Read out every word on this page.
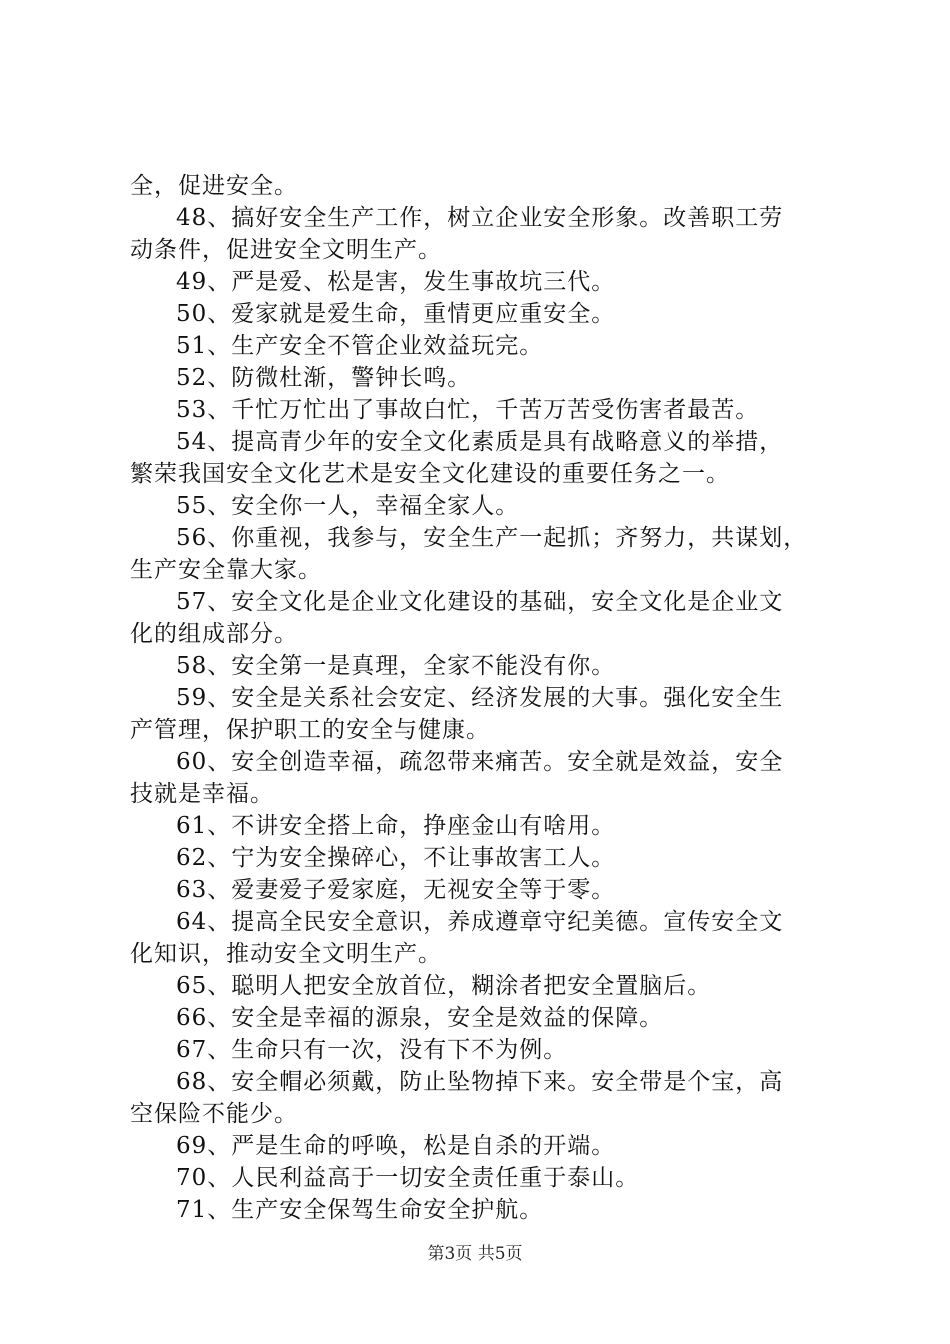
全，促进安全。
48、搞好安全生产工作，树立企业安全形象。改善职工劳
动条件，促进安全文明生产。
49、严是爱、松是害，发生事故坑三代。
50、爱家就是爱生命，重情更应重安全。
51、生产安全不管企业效益玩完。
52、防微杜渐，警钟长鸣。
53、千忙万忙出了事故白忙，千苦万苦受伤害者最苦。
54、提高青少年的安全文化素质是具有战略意义的举措，
繁荣我国安全文化艺术是安全文化建设的重要任务之一。
55、安全你一人，幸福全家人。
56、你重视，我参与，安全生产一起抓；齐努力，共谋划，
生产安全靠大家。
57、安全文化是企业文化建设的基础，安全文化是企业文
化的组成部分。
58、安全第一是真理，全家不能没有你。
59、安全是关系社会安定、经济发展的大事。强化安全生
产管理，保护职工的安全与健康。
60、安全创造幸福，疏忽带来痛苦。安全就是效益，安全
技就是幸福。
61、不讲安全搭上命，挣座金山有啥用。
62、宁为安全操碎心，不让事故害工人。
63、爱妻爱子爱家庭，无视安全等于零。
64、提高全民安全意识，养成遵章守纪美德。宣传安全文
化知识，推动安全文明生产。
65、聪明人把安全放首位，糊涂者把安全置脑后。
66、安全是幸福的源泉，安全是效益的保障。
67、生命只有一次，没有下不为例。
68、安全帽必须戴，防止坠物掉下来。安全带是个宝，高
空保险不能少。
69、严是生命的呼唤，松是自杀的开端。
70、人民利益高于一切安全责任重于泰山。
71、生产安全保驾生命安全护航。
第3页 共5页
